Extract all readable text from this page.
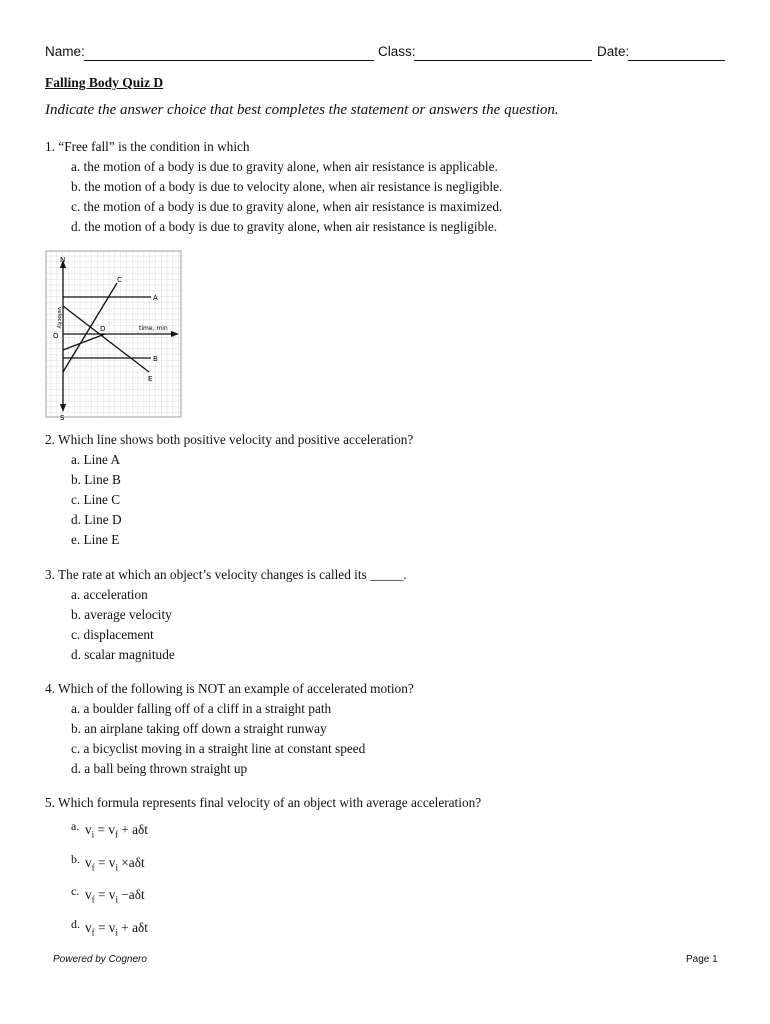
Name:	Class:	Date:
Falling Body Quiz D
Indicate the answer choice that best completes the statement or answers the question.
1. “Free fall” is the condition in which
a. the motion of a body is due to gravity alone, when air resistance is applicable.
b. the motion of a body is due to velocity alone, when air resistance is negligible.
c. the motion of a body is due to gravity alone, when air resistance is maximized.
d. the motion of a body is due to gravity alone, when air resistance is negligible.
N
S
O
velocity	time, min
A
B
C
D
E
2. Which line shows both positive velocity and positive acceleration?
a. Line A
b. Line B
c. Line C
d. Line D
e. Line E
3. The rate at which an object’s velocity changes is called its _____.
a. acceleration
b. average velocity
c. displacement
d. scalar magnitude
4. Which of the following is NOT an example of accelerated motion?
a. a boulder falling off of a cliff in a straight path
b. an airplane taking off down a straight runway
c. a bicyclist moving in a straight line at constant speed
d. a ball being thrown straight up
5. Which formula represents final velocity of an object with average acceleration?
a. $v_i = v_f + a\delta t$
b. $v_f = v_i \times a\delta t$
c. $v_f = v_i -a\delta t$
d. $v_f = v_i + a\delta t$
Powered by Cognero	Page 1
